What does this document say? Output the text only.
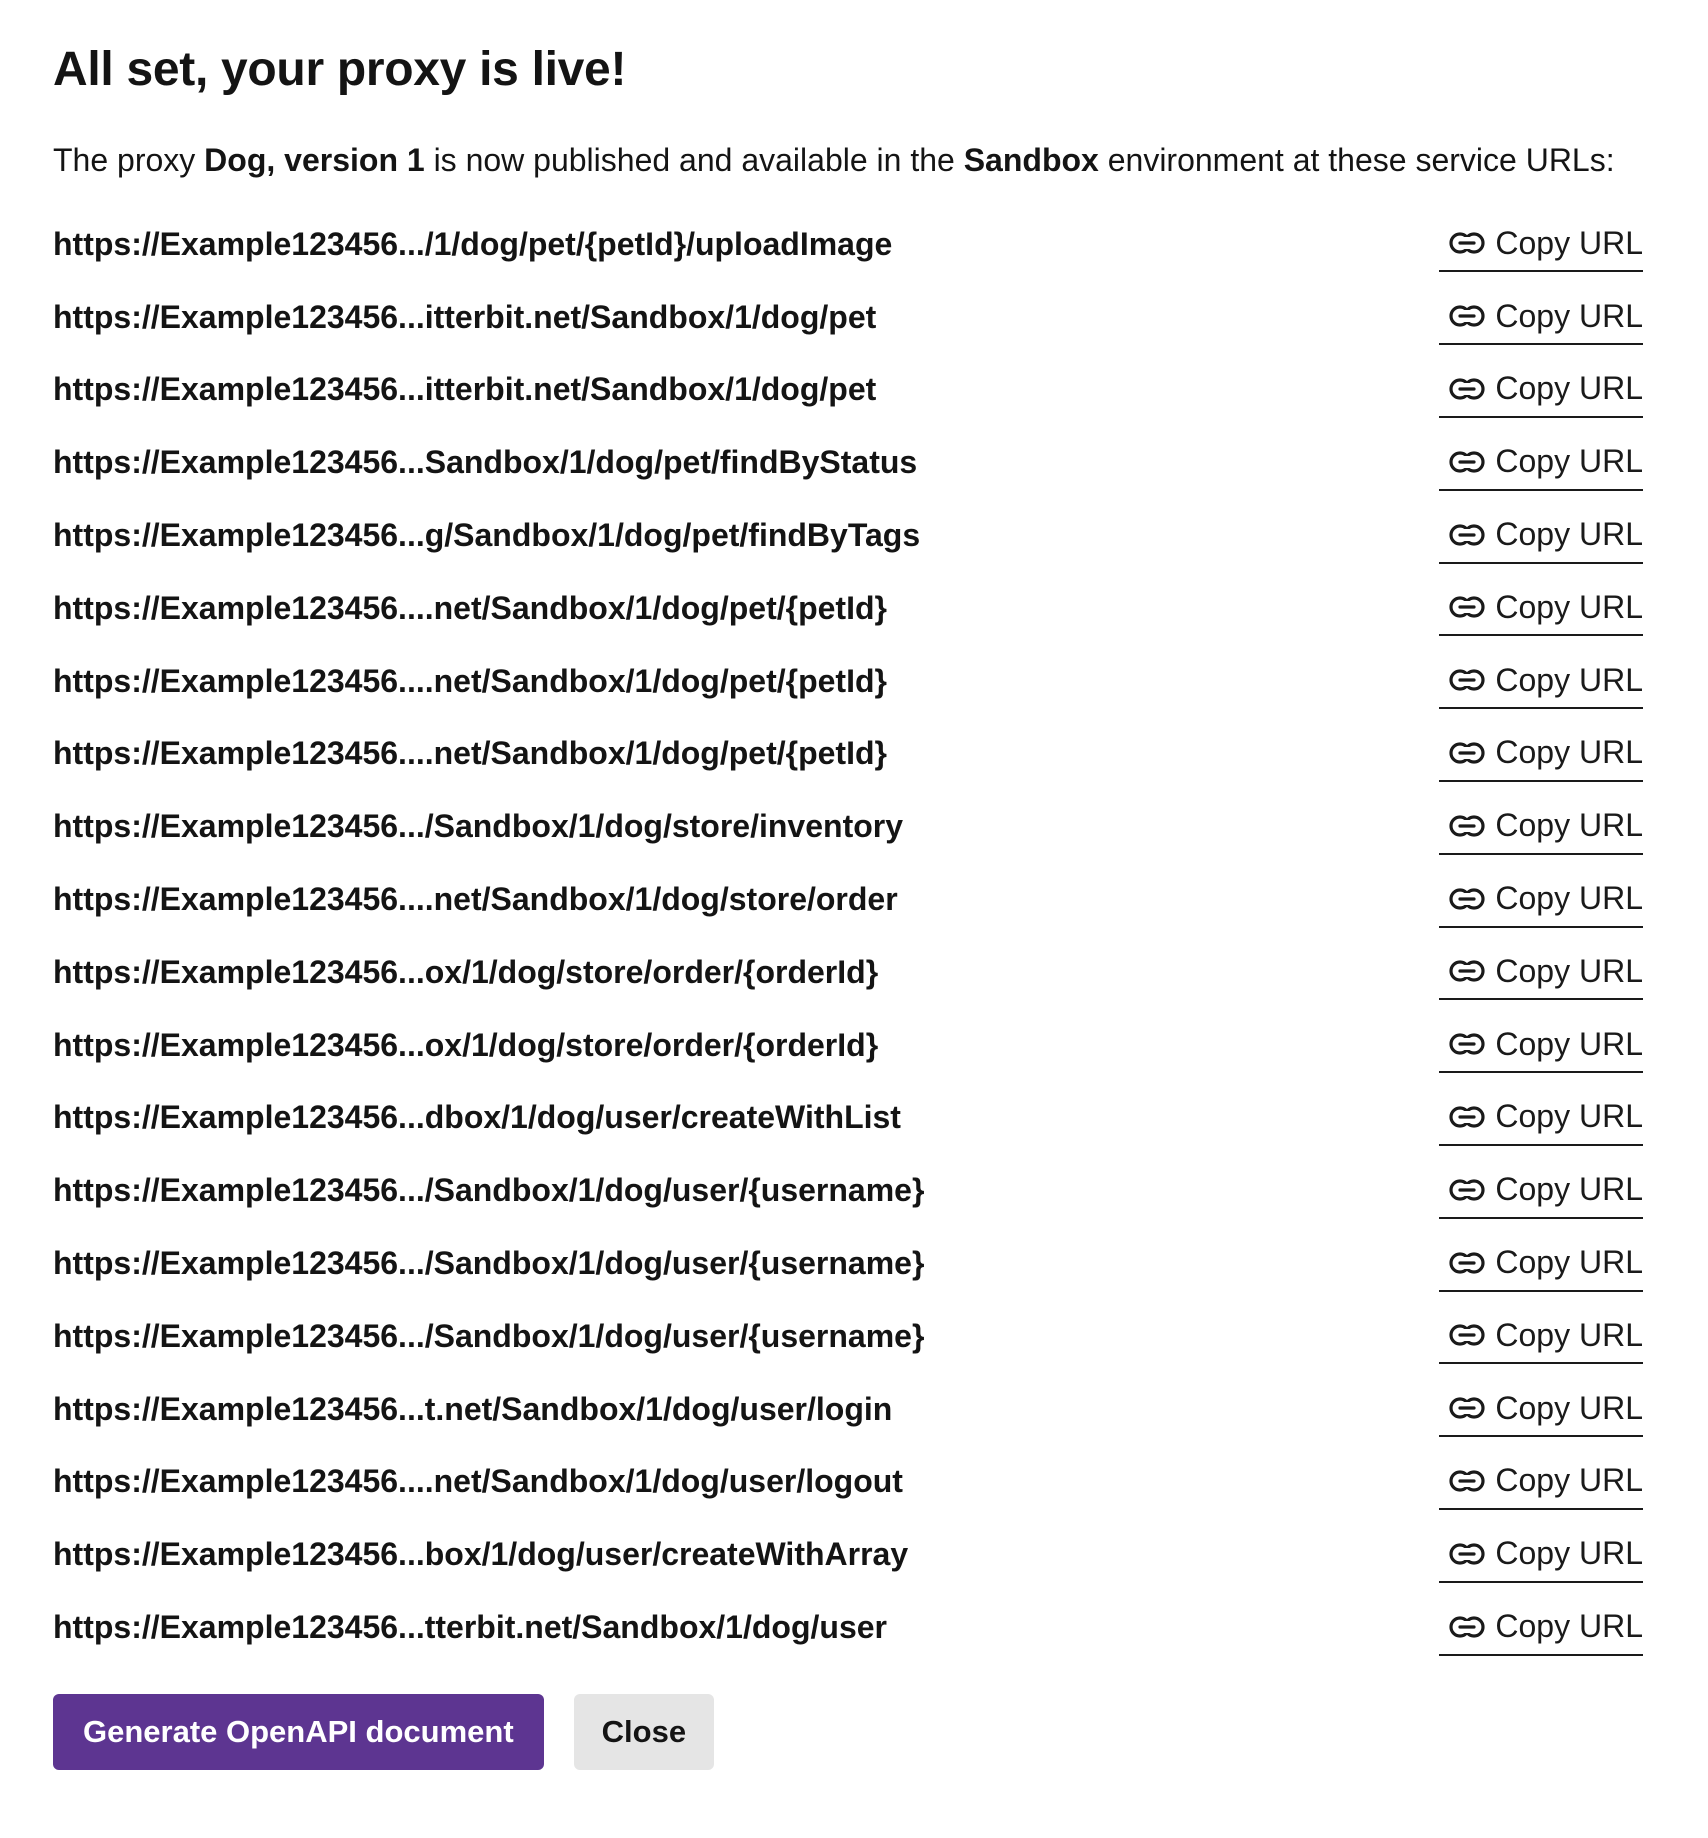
All set, your proxy is live!

The proxy Dog, version 1 is now published and available in the Sandbox environment at these service URLs:

https://Example123456.../1/dog/pet/{petId}/uploadImage	Copy URL
https://Example123456...itterbit.net/Sandbox/1/dog/pet	Copy URL
https://Example123456...itterbit.net/Sandbox/1/dog/pet	Copy URL
https://Example123456...Sandbox/1/dog/pet/findByStatus	Copy URL
https://Example123456...g/Sandbox/1/dog/pet/findByTags	Copy URL
https://Example123456....net/Sandbox/1/dog/pet/{petId}	Copy URL
https://Example123456....net/Sandbox/1/dog/pet/{petId}	Copy URL
https://Example123456....net/Sandbox/1/dog/pet/{petId}	Copy URL
https://Example123456.../Sandbox/1/dog/store/inventory	Copy URL
https://Example123456....net/Sandbox/1/dog/store/order	Copy URL
https://Example123456...ox/1/dog/store/order/{orderId}	Copy URL
https://Example123456...ox/1/dog/store/order/{orderId}	Copy URL
https://Example123456...dbox/1/dog/user/createWithList	Copy URL
https://Example123456.../Sandbox/1/dog/user/{username}	Copy URL
https://Example123456.../Sandbox/1/dog/user/{username}	Copy URL
https://Example123456.../Sandbox/1/dog/user/{username}	Copy URL
https://Example123456...t.net/Sandbox/1/dog/user/login	Copy URL
https://Example123456....net/Sandbox/1/dog/user/logout	Copy URL
https://Example123456...box/1/dog/user/createWithArray	Copy URL
https://Example123456...tterbit.net/Sandbox/1/dog/user	Copy URL
Generate OpenAPI document	Close
